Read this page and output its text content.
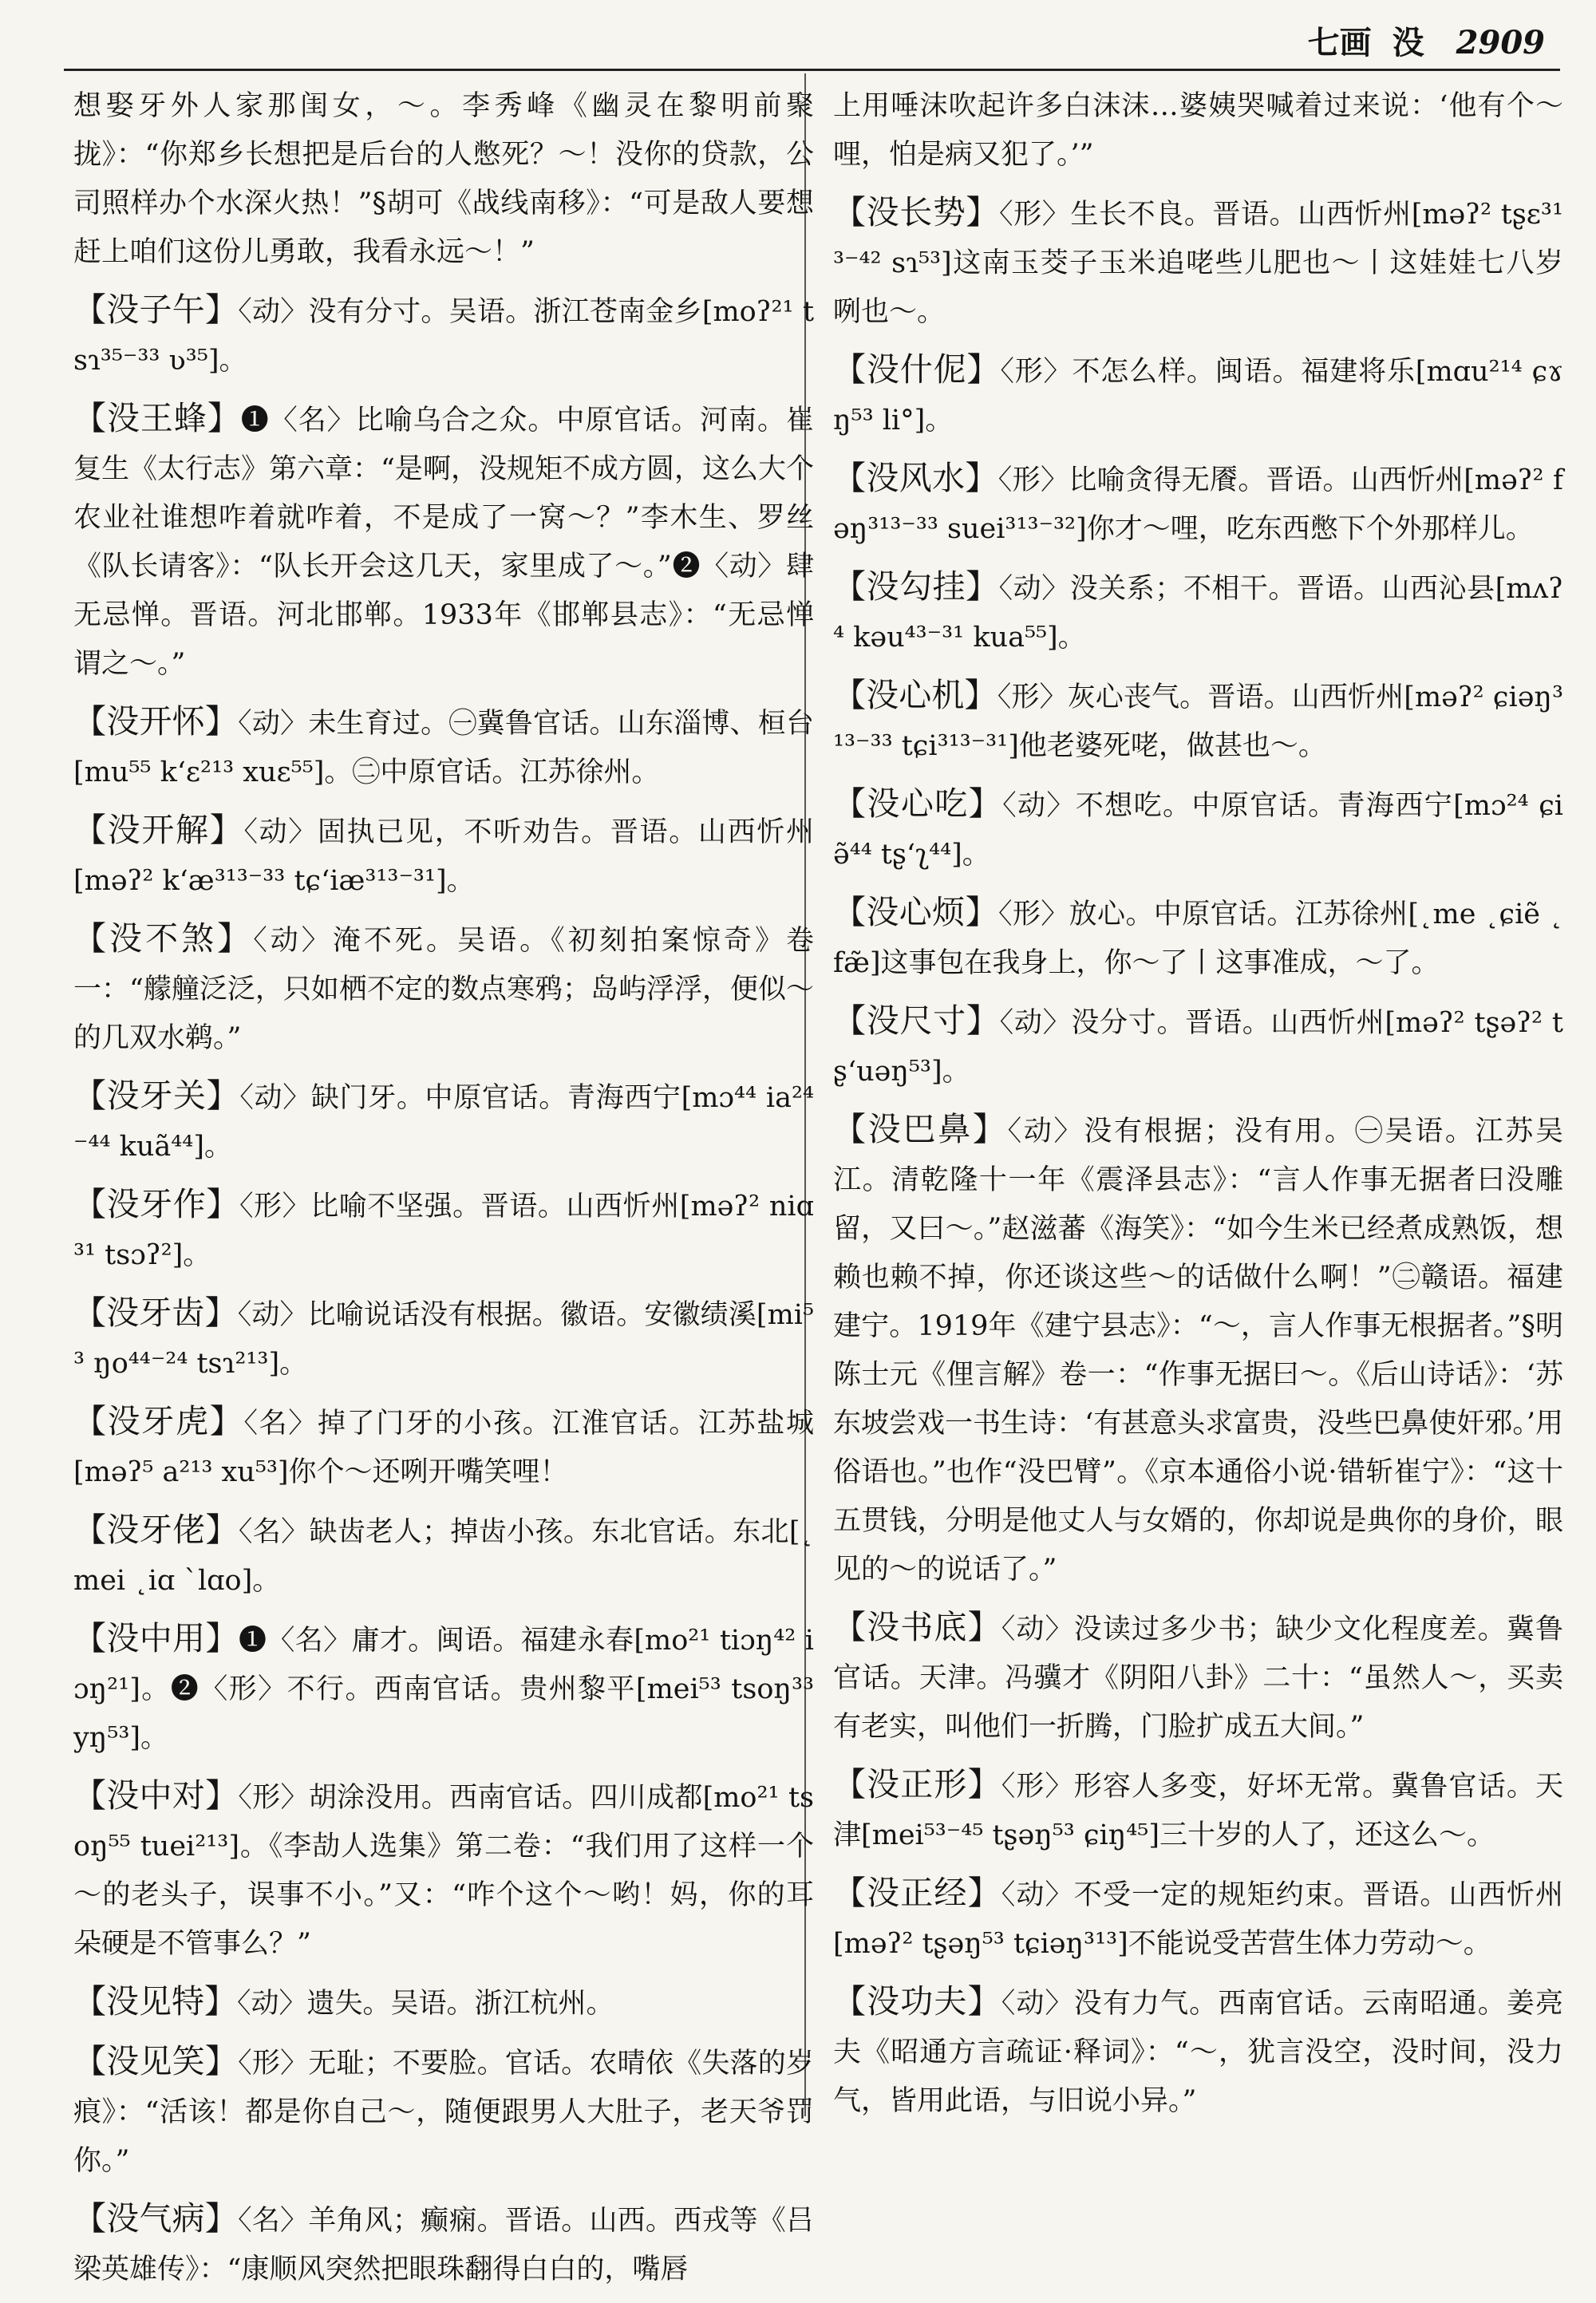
七画 没 2909
想娶牙外人家那闺女，～。李秀峰《幽灵在黎明前聚拢》：“你郑乡长想把是后台的人憋死？～！没你的贷款，公司照样办个水深火热！”§胡可《战线南移》：“可是敌人要想赶上咱们这份儿勇敢，我看永远～！”
【没子午】〈动〉没有分寸。吴语。浙江苍南金乡[moʔ²¹ tsɿ³⁵⁻³³ ʋ³⁵]。
【没王蜂】❶〈名〉比喻乌合之众。中原官话。河南。崔复生《太行志》第六章：“是啊，没规矩不成方圆，这么大个农业社谁想咋着就咋着，不是成了一窝～？”李木生、罗丝《队长请客》：“队长开会这几天，家里成了～。”❷〈动〉肆无忌惮。晋语。河北邯郸。1933年《邯郸县志》：“无忌惮谓之～。”
【没开怀】〈动〉未生育过。㊀冀鲁官话。山东淄博、桓台[mu⁵⁵ k‘ɛ²¹³ xuɛ⁵⁵]。㊁中原官话。江苏徐州。
【没开解】〈动〉固执已见，不听劝告。晋语。山西忻州[məʔ² k‘æ³¹³⁻³³ tɕ‘iæ³¹³⁻³¹]。
【没不煞】〈动〉淹不死。吴语。《初刻拍案惊奇》卷一：“艨艟泛泛，只如栖不定的数点寒鸦；岛屿浮浮，便似～的几双水鹈。”
【没牙关】〈动〉缺门牙。中原官话。青海西宁[mɔ⁴⁴ ia²⁴⁻⁴⁴ kuã⁴⁴]。
【没牙作】〈形〉比喻不坚强。晋语。山西忻州[məʔ² niɑ³¹ tsɔʔ²]。
【没牙齿】〈动〉比喻说话没有根据。徽语。安徽绩溪[mi⁵³ ŋo⁴⁴⁻²⁴ tsɿ²¹³]。
【没牙虎】〈名〉掉了门牙的小孩。江淮官话。江苏盐城[məʔ⁵ a²¹³ xu⁵³]你个～还咧开嘴笑哩！
【没牙佬】〈名〉缺齿老人；掉齿小孩。东北官话。东北[˛mei ˛iɑ ˋlɑo]。
【没中用】❶〈名〉庸才。闽语。福建永春[mo²¹ tiɔŋ⁴² iɔŋ²¹]。❷〈形〉不行。西南官话。贵州黎平[mei⁵³ tsoŋ³³ yŋ⁵³]。
【没中对】〈形〉胡涂没用。西南官话。四川成都[mo²¹ tsoŋ⁵⁵ tuei²¹³]。《李劼人选集》第二卷：“我们用了这样一个～的老头子，误事不小。”又：“咋个这个～哟！妈，你的耳朵硬是不管事么？”
【没见特】〈动〉遗失。吴语。浙江杭州。
【没见笑】〈形〉无耻；不要脸。官话。农晴依《失落的岁痕》：“活该！都是你自己～，随便跟男人大肚子，老天爷罚你。”
【没气病】〈名〉羊角风；癫痫。晋语。山西。西戎等《吕梁英雄传》：“康顺风突然把眼珠翻得白白的，嘴唇
上用唾沫吹起许多白沫沫…婆姨哭喊着过来说：‘他有个～哩，怕是病又犯了。’”
【没长势】〈形〉生长不良。晋语。山西忻州[məʔ² tʂɛ³¹³⁻⁴² sɿ⁵³]这南玉茭子玉米追咾些儿肥也～丨这娃娃七八岁咧也～。
【没什伲】〈形〉不怎么样。闽语。福建将乐[mɑu²¹⁴ ɕɤŋ⁵³ li°]。
【没风水】〈形〉比喻贪得无餍。晋语。山西忻州[məʔ² fəŋ³¹³⁻³³ suei³¹³⁻³²]你才～哩，吃东西憋下个外那样儿。
【没勾挂】〈动〉没关系；不相干。晋语。山西沁县[mʌʔ⁴ kəu⁴³⁻³¹ kua⁵⁵]。
【没心机】〈形〉灰心丧气。晋语。山西忻州[məʔ² ɕiəŋ³¹³⁻³³ tɕi³¹³⁻³¹]他老婆死咾，做甚也～。
【没心吃】〈动〉不想吃。中原官话。青海西宁[mɔ²⁴ ɕiə̃⁴⁴ tʂ‘ʅ⁴⁴]。
【没心烦】〈形〉放心。中原官话。江苏徐州[˛me ˛ɕiẽ ˛fæ̃]这事包在我身上，你～了丨这事准成，～了。
【没尺寸】〈动〉没分寸。晋语。山西忻州[məʔ² tʂəʔ² tʂ‘uəŋ⁵³]。
【没巴鼻】〈动〉没有根据；没有用。㊀吴语。江苏吴江。清乾隆十一年《震泽县志》：“言人作事无据者曰没雕留，又曰～。”赵滋蕃《海笑》：“如今生米已经煮成熟饭，想赖也赖不掉，你还谈这些～的话做什么啊！”㊁赣语。福建建宁。1919年《建宁县志》：“～，言人作事无根据者。”§明陈士元《俚言解》卷一：“作事无据曰～。《后山诗话》：‘苏东坡尝戏一书生诗：‘有甚意头求富贵，没些巴鼻使奸邪。’用俗语也。”也作“没巴臂”。《京本通俗小说·错斩崔宁》：“这十五贯钱，分明是他丈人与女婿的，你却说是典你的身价，眼见的～的说话了。”
【没书底】〈动〉没读过多少书；缺少文化程度差。冀鲁官话。天津。冯骥才《阴阳八卦》二十：“虽然人～，买卖有老实，叫他们一折腾，门脸扩成五大间。”
【没正形】〈形〉形容人多变，好坏无常。冀鲁官话。天津[mei⁵³⁻⁴⁵ tʂəŋ⁵³ ɕiŋ⁴⁵]三十岁的人了，还这么～。
【没正经】〈动〉不受一定的规矩约束。晋语。山西忻州[məʔ² tʂəŋ⁵³ tɕiəŋ³¹³]不能说受苦营生体力劳动～。
【没功夫】〈动〉没有力气。西南官话。云南昭通。姜亮夫《昭通方言疏证·释词》：“～，犹言没空，没时间，没力气，皆用此语，与旧说小异。”
